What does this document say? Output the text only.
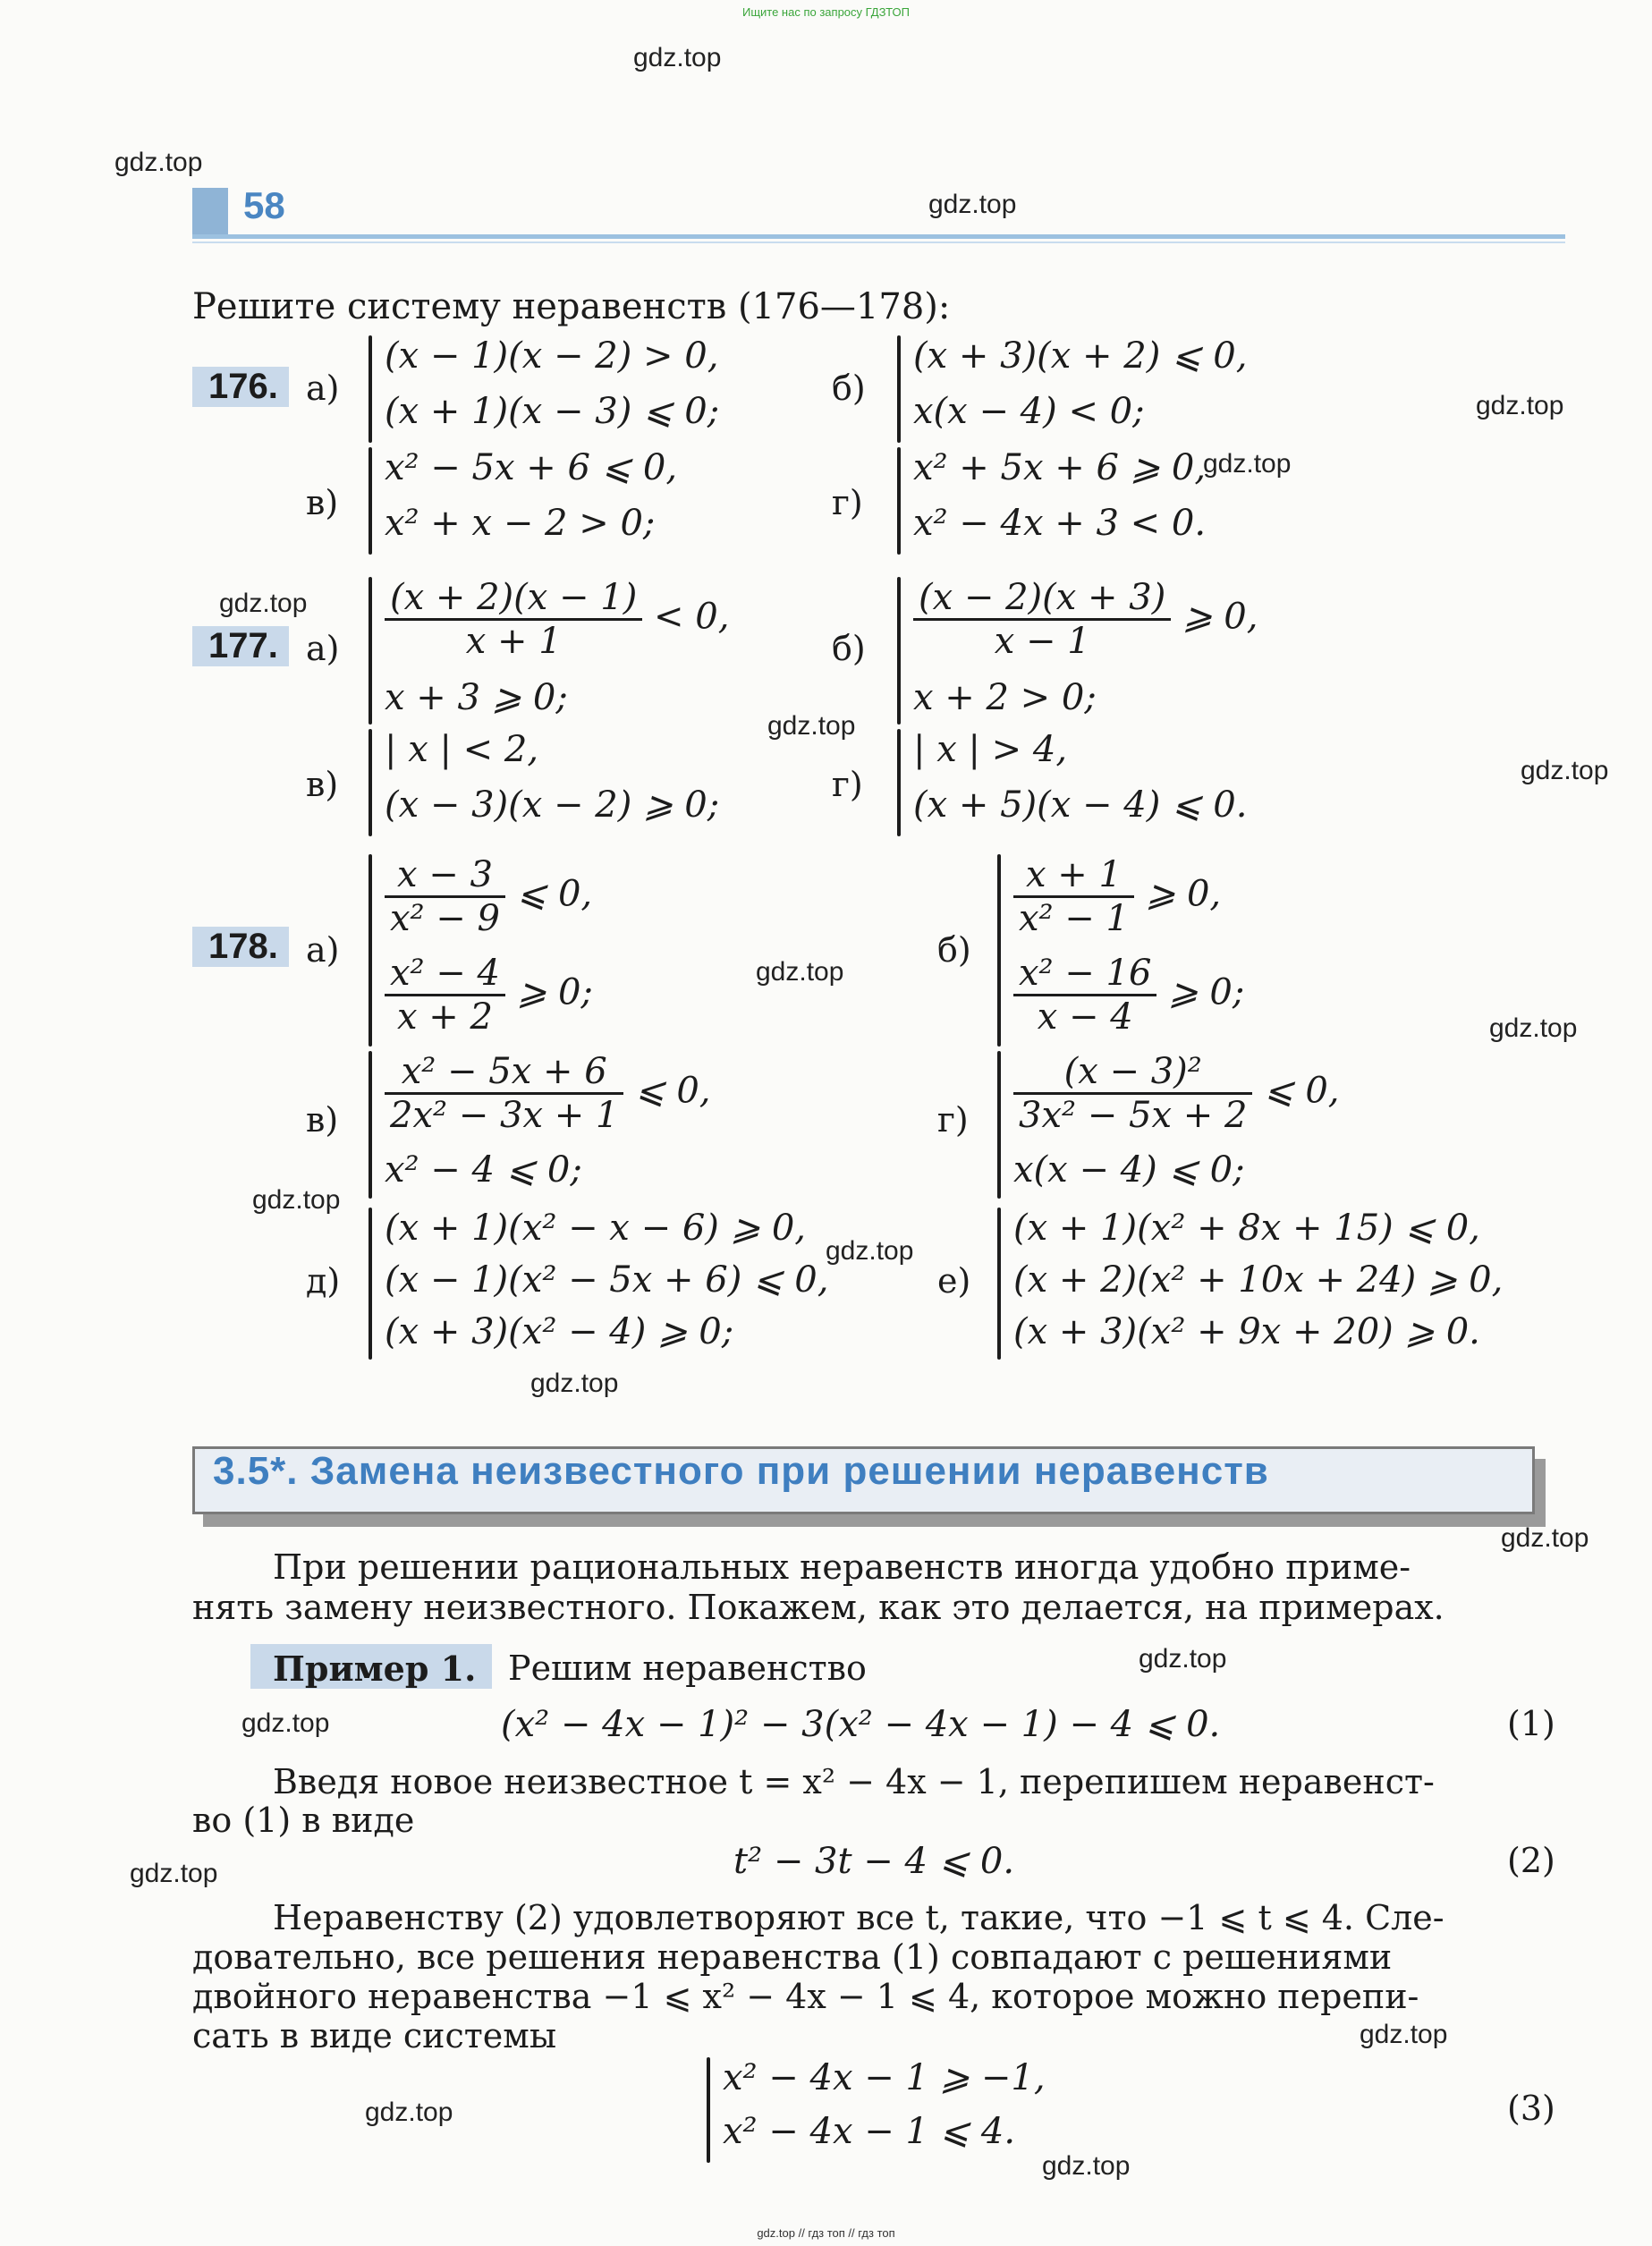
Ищите нас по запросу ГДЗТОП
gdz.top // гдз топ // гдз топ
gdz.top
gdz.top
gdz.top
gdz.top
gdz.top
gdz.top
gdz.top
gdz.top
gdz.top
gdz.top
gdz.top
gdz.top
gdz.top
gdz.top
gdz.top
gdz.top
gdz.top
gdz.top
gdz.top
gdz.top
58
Решите систему неравенств (176—178):
176. а)
(x − 1)(x − 2) > 0,
(x + 1)(x − 3) ⩽ 0;
б)
(x + 3)(x + 2) ⩽ 0,
x(x − 4) < 0;
в)
x² − 5x + 6 ⩽ 0,
x² + x − 2 > 0;	г)
x² + 5x + 6 ⩾ 0,
x² − 4x + 3 < 0.
177. $а) \frac{(x + 2)(x - 1)}{x + 1} < 0$,
x + 3 ⩾ 0;
$б) \frac{(x - 2)(x + 3)}{x - 1}$ ⩾ 0,
x + 2 > 0;
в)
| x | < 2,
(x − 3)(x − 2) ⩾ 0;	г)
| x | > 4,
(x + 5)(x − 4) ⩽ 0.
178. а)
$\frac{x - 3}{\text{x² − 9}}$ ⩽ 0,
$\frac{\text{x² − 4}}{x + 2}$ ⩾ 0;
б)
$\frac{x + 1}{\text{x² − 1}}$ ⩾ 0,
$\frac{\text{x² − 16}}{x - 4}$ ⩾ 0;
$в) \frac{\text{x² − 5x + 6}}{\text{2x² − 3x + 1}}$ ⩽ 0,
x² − 4 ⩽ 0;
$г) \frac{\text{(x − 3)²}}{\text{3x² − 5x + 2}}$ ⩽ 0,
x(x − 4) ⩽ 0;
д)
(x + 1)(x² − x − 6) ⩾ 0,
(x − 1)(x² − 5x + 6) ⩽ 0,
(x + 3)(x² − 4) ⩾ 0;
е)
(x + 1)(x² + 8x + 15) ⩽ 0,
(x + 2)(x² + 10x + 24) ⩾ 0,
(x + 3)(x² + 9x + 20) ⩾ 0.
3.5*. Замена неизвестного при решении неравенств
При решении рациональных неравенств иногда удобно приме-
нять замену неизвестного. Покажем, как это делается, на примерах.
Пример 1. Решим неравенство
(x² − 4x − 1)² − 3(x² − 4x − 1) − 4 ⩽ 0.	(1)
Введя новое неизвестное t = x² − 4x − 1, перепишем неравенст-
во (1) в виде
t² − 3t − 4 ⩽ 0.	(2)
Неравенству (2) удовлетворяют все t, такие, что −1 ⩽ t ⩽ 4. Сле-
довательно, все решения неравенства (1) совпадают с решениями
двойного неравенства −1 ⩽ x² − 4x − 1 ⩽ 4, которое можно перепи-
сать в виде системы
x² − 4x − 1 ⩾ −1,
x² − 4x − 1 ⩽ 4.
(3)
